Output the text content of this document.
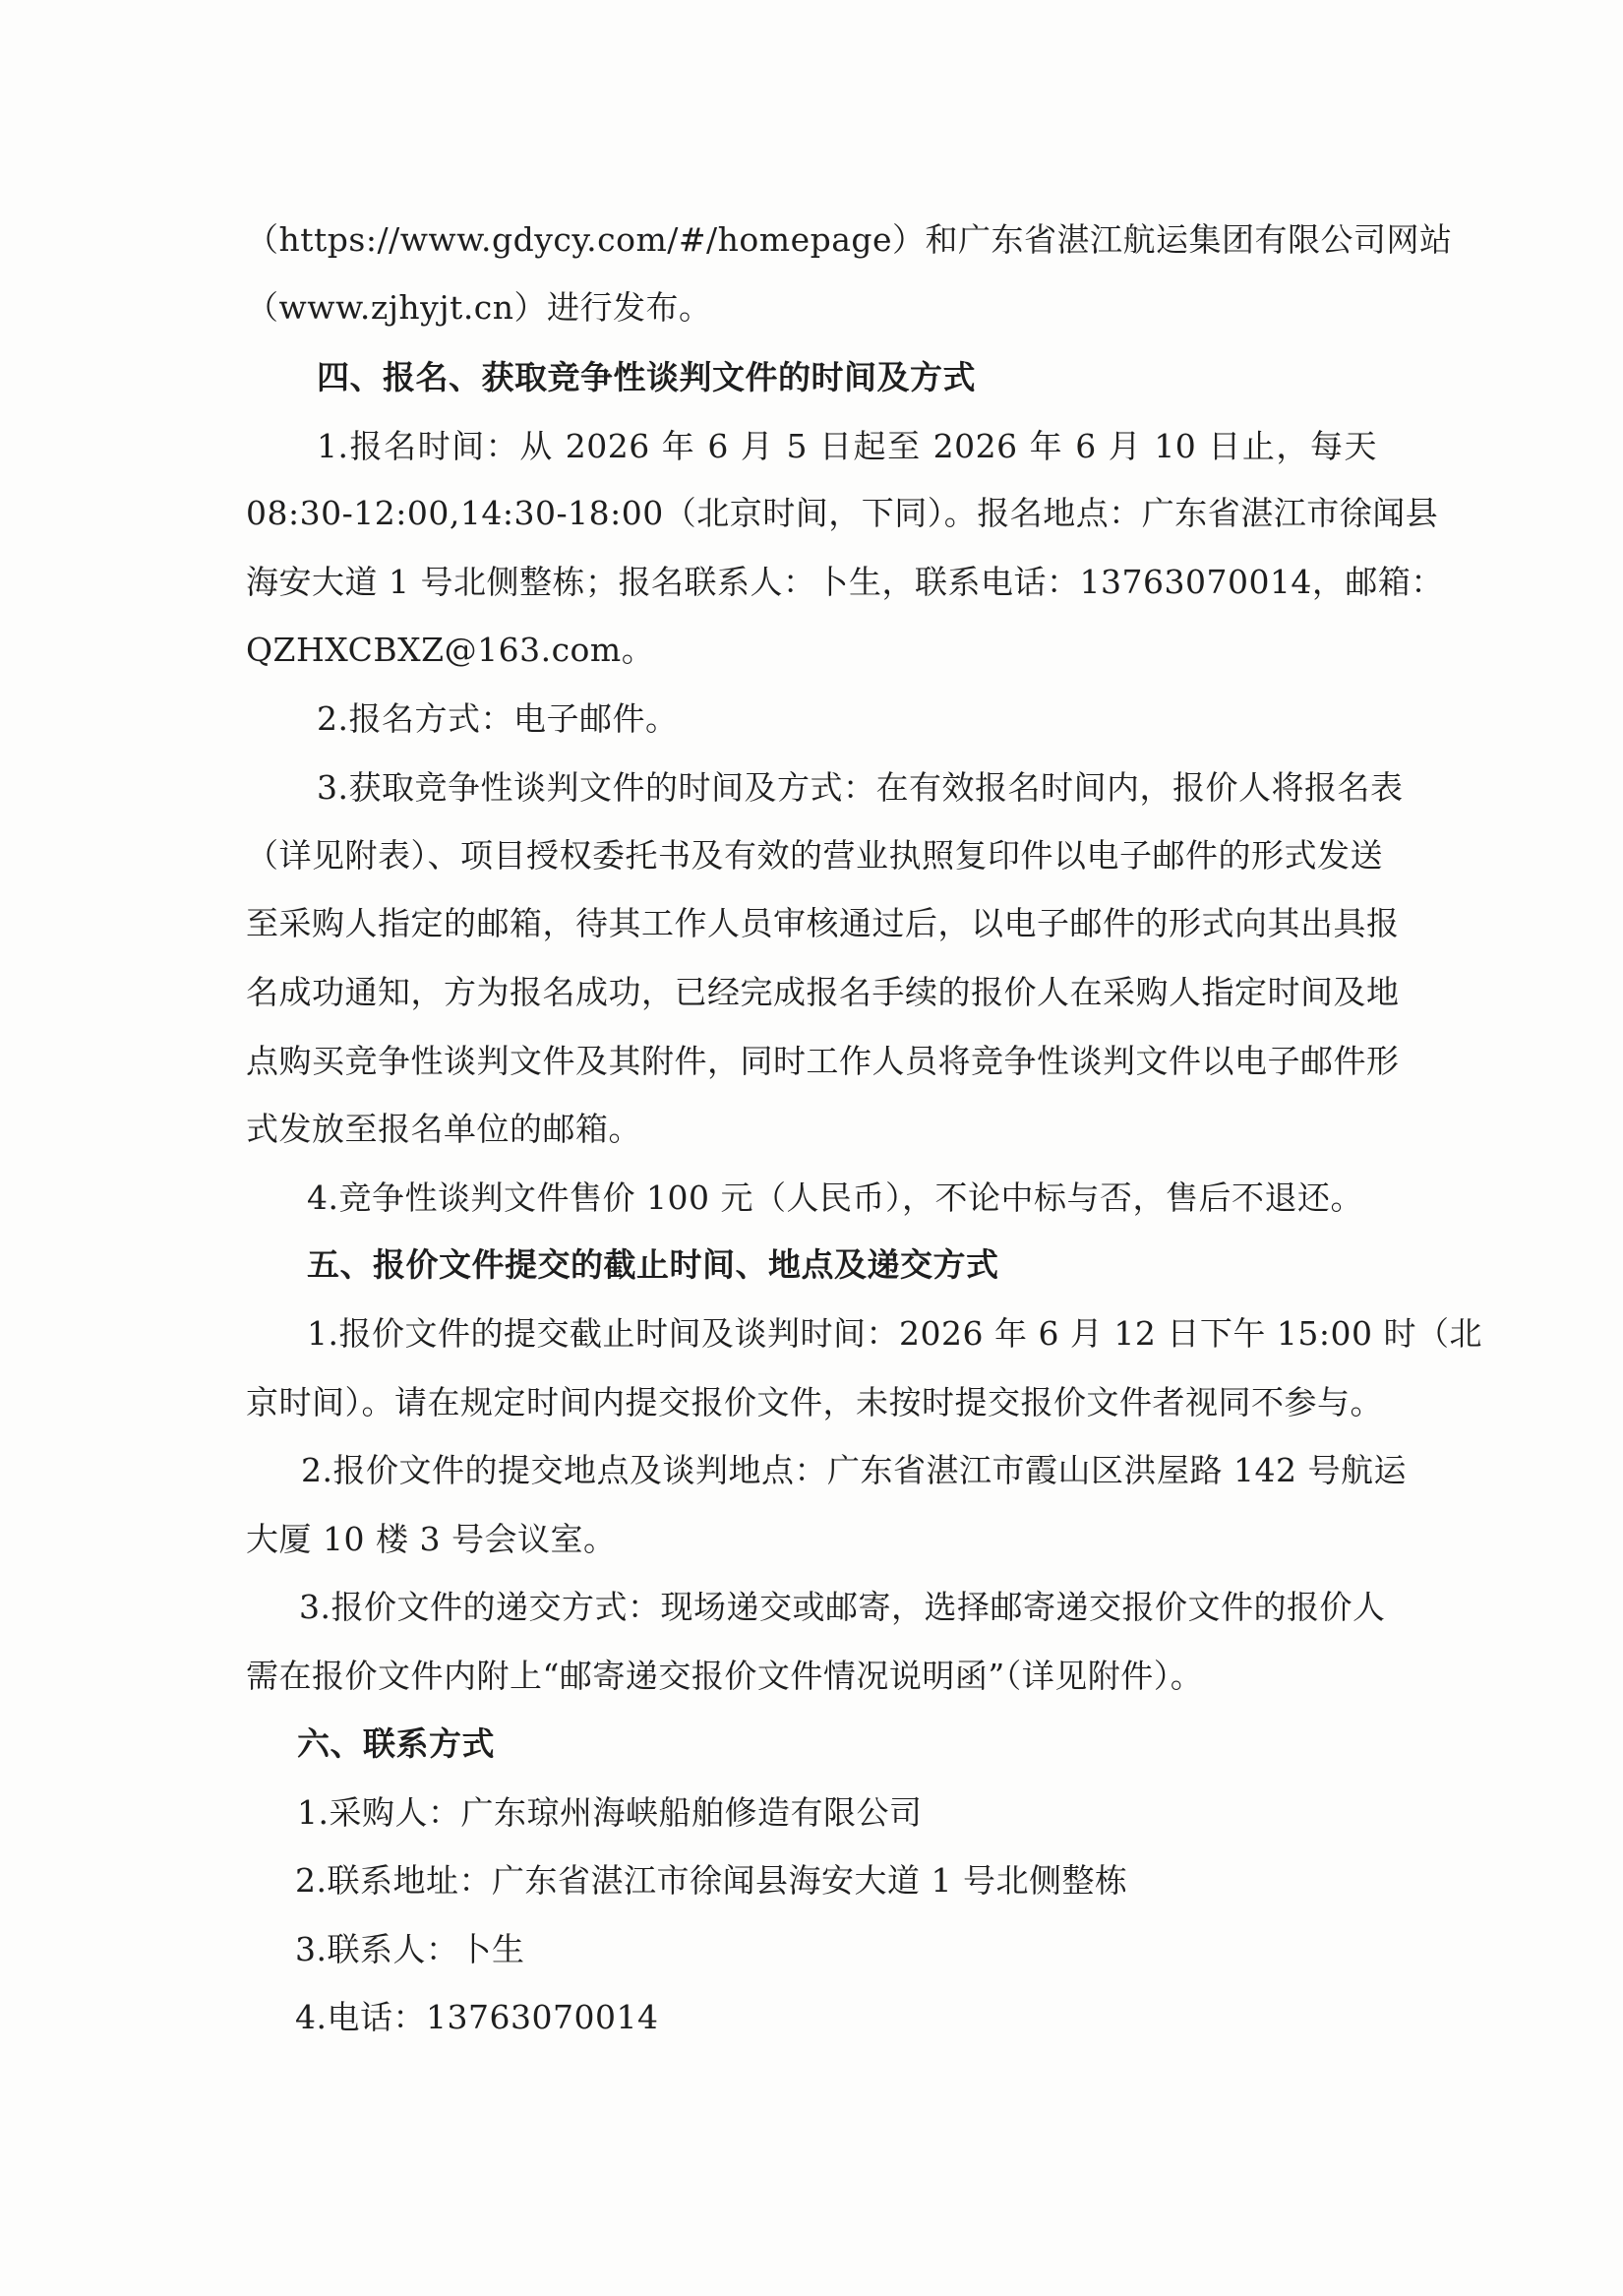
（https://www.gdycy.com/#/homepage）和广东省湛江航运集团有限公司网站
（www.zjhyjt.cn）进行发布。
四、报名、获取竞争性谈判文件的时间及方式
1.报名时间：从 2026 年 6 月 5 日起至 2026 年 6 月 10 日止，每天
08:30-12:00,14:30-18:00（北京时间，下同）。报名地点：广东省湛江市徐闻县
海安大道 1 号北侧整栋；报名联系人：卜生，联系电话：13763070014，邮箱：
QZHXCBXZ@163.com。
2.报名方式：电子邮件。
3.获取竞争性谈判文件的时间及方式：在有效报名时间内，报价人将报名表
（详见附表）、项目授权委托书及有效的营业执照复印件以电子邮件的形式发送
至采购人指定的邮箱，待其工作人员审核通过后，以电子邮件的形式向其出具报
名成功通知，方为报名成功，已经完成报名手续的报价人在采购人指定时间及地
点购买竞争性谈判文件及其附件，同时工作人员将竞争性谈判文件以电子邮件形
式发放至报名单位的邮箱。
4.竞争性谈判文件售价 100 元（人民币），不论中标与否，售后不退还。
五、报价文件提交的截止时间、地点及递交方式
1.报价文件的提交截止时间及谈判时间：2026 年 6 月 12 日下午 15:00 时（北
京时间）。请在规定时间内提交报价文件，未按时提交报价文件者视同不参与。
2.报价文件的提交地点及谈判地点：广东省湛江市霞山区洪屋路 142 号航运
大厦 10 楼 3 号会议室。
3.报价文件的递交方式：现场递交或邮寄，选择邮寄递交报价文件的报价人
需在报价文件内附上“邮寄递交报价文件情况说明函”（详见附件）。
六、联系方式
1.采购人：广东琼州海峡船舶修造有限公司
2.联系地址：广东省湛江市徐闻县海安大道 1 号北侧整栋
3.联系人：卜生
4.电话：13763070014
